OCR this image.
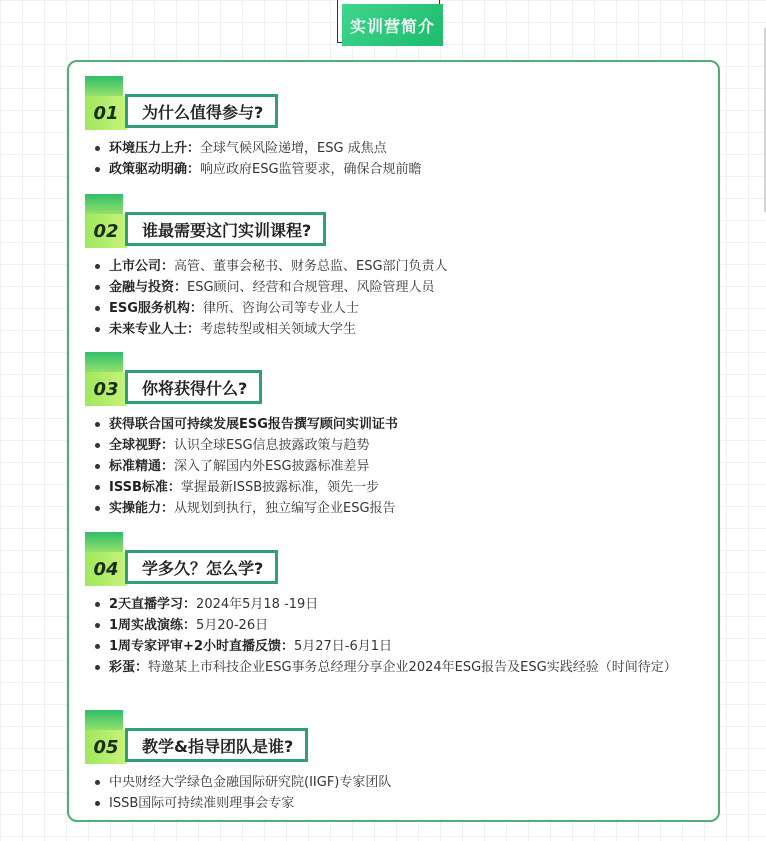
实训营简介
01	为什么值得参与?
环境压力上升：全球气候风险递增，ESG 成焦点
政策驱动明确：响应政府ESG监管要求，确保合规前瞻
02	谁最需要这门实训课程?
上市公司：高管、董事会秘书、财务总监、ESG部门负责人
金融与投资：ESG顾问、经营和合规管理、风险管理人员
ESG服务机构：律所、咨询公司等专业人士
未来专业人士：考虑转型或相关领域大学生
03	你将获得什么?
获得联合国可持续发展ESG报告撰写顾问实训证书
全球视野：认识全球ESG信息披露政策与趋势
标准精通：深入了解国内外ESG披露标准差异
ISSB标准：掌握最新ISSB披露标准，领先一步
实操能力：从规划到执行，独立编写企业ESG报告
04	学多久？怎么学?
2天直播学习：2024年5月18 -19日
1周实战演练：5月20-26日
1周专家评审+2小时直播反馈：5月27日-6月1日
彩蛋：特邀某上市科技企业ESG事务总经理分享企业2024年ESG报告及ESG实践经验（时间待定）
05	教学&指导团队是谁?
中央财经大学绿色金融国际研究院(IIGF)专家团队
ISSB国际可持续准则理事会专家
